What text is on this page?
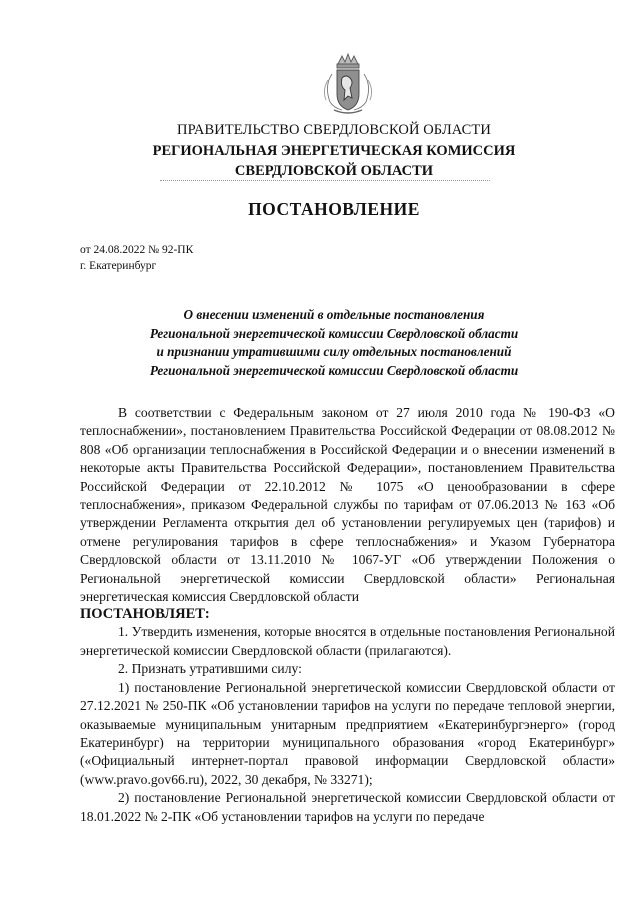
ПРАВИТЕЛЬСТВО СВЕРДЛОВСКОЙ ОБЛАСТИ
РЕГИОНАЛЬНАЯ ЭНЕРГЕТИЧЕСКАЯ КОМИССИЯ
СВЕРДЛОВСКОЙ ОБЛАСТИ
ПОСТАНОВЛЕНИЕ
от 24.08.2022 № 92-ПК
г. Екатеринбург
О внесении изменений в отдельные постановления
Региональной энергетической комиссии Свердловской области
и признании утратившими силу отдельных постановлений
Региональной энергетической комиссии Свердловской области
В соответствии с Федеральным законом от 27 июля 2010 года № 190-ФЗ «О теплоснабжении», постановлением Правительства Российской Федерации от 08.08.2012 № 808 «Об организации теплоснабжения в Российской Федерации и о внесении изменений в некоторые акты Правительства Российской Федерации», постановлением Правительства Российской Федерации от 22.10.2012 № 1075 «О ценообразовании в сфере теплоснабжения», приказом Федеральной службы по тарифам от 07.06.2013 № 163 «Об утверждении Регламента открытия дел об установлении регулируемых цен (тарифов) и отмене регулирования тарифов в сфере теплоснабжения» и Указом Губернатора Свердловской области от 13.11.2010 № 1067-УГ «Об утверждении Положения о Региональной энергетической комиссии Свердловской области» Региональная энергетическая комиссия Свердловской области
ПОСТАНОВЛЯЕТ:
1. Утвердить изменения, которые вносятся в отдельные постановления Региональной энергетической комиссии Свердловской области (прилагаются).
2. Признать утратившими силу:
1) постановление Региональной энергетической комиссии Свердловской области от 27.12.2021 № 250-ПК «Об установлении тарифов на услуги по передаче тепловой энергии, оказываемые муниципальным унитарным предприятием «Екатеринбургэнерго» (город Екатеринбург) на территории муниципального образования «город Екатеринбург» («Официальный интернет-портал правовой информации Свердловской области» (www.pravo.gov66.ru), 2022, 30 декабря, № 33271);
2) постановление Региональной энергетической комиссии Свердловской области от 18.01.2022 № 2-ПК «Об установлении тарифов на услуги по передаче
